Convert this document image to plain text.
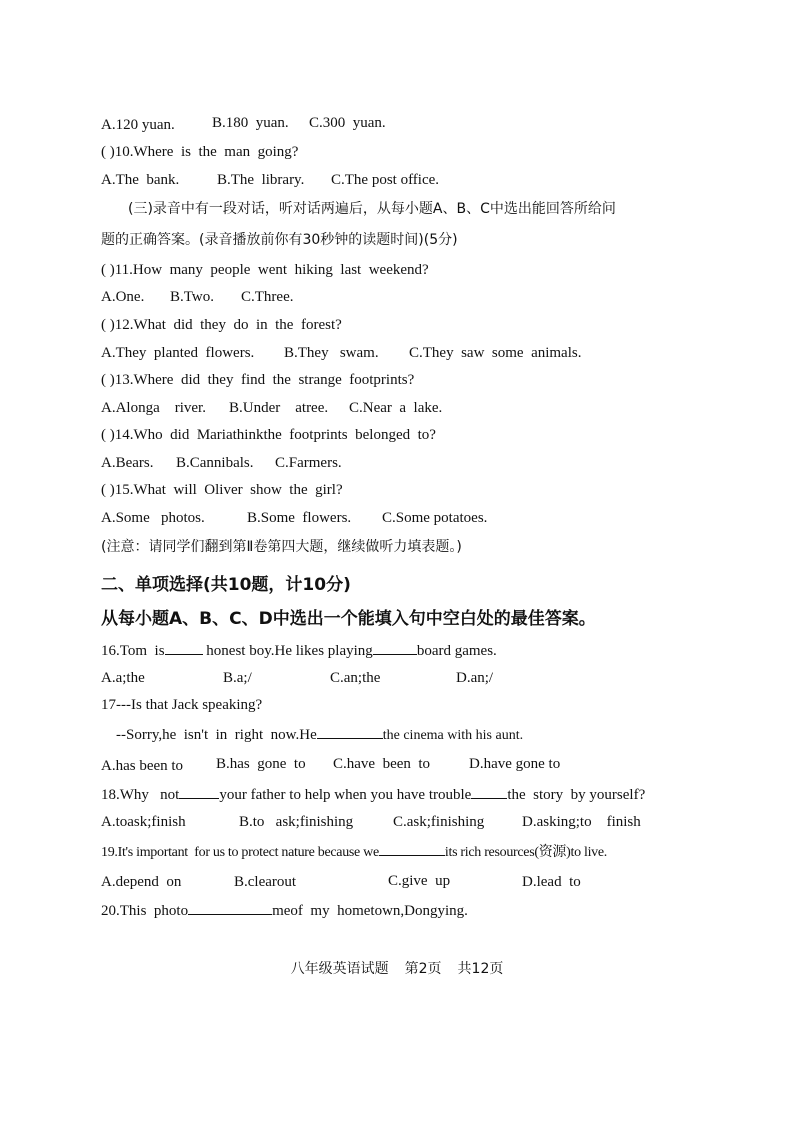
A.120 yuan. B.180  yuan. C.300  yuan.
( )10.Where  is  the  man  going?
A.The  bank.	B.The  library. C.The post office.
(三)录音中有一段对话，听对话两遍后，从每小题A、B、C中选出能回答所给问
题的正确答案。(录音播放前你有30秒钟的读题时间)(5分)
( )11.How  many  people  went  hiking  last  weekend?
A.One. B.Two. C.Three.
( )12.What  did  they  do  in  the  forest?
A.They  planted  flowers. B.They   swam. C.They  saw  some  animals.
( )13.Where  did  they  find  the  strange  footprints?
A.Alonga    river. B.Under    atree. C.Near  a  lake.
( )14.Who  did  Mariathinkthe  footprints  belonged  to?
A.Bears. B.Cannibals. C.Farmers.
( )15.What  will  Oliver  show  the  girl?
A.Some   photos.	B.Some  flowers. C.Some potatoes.
(注意：请同学们翻到第Ⅱ卷第四大题，继续做听力填表题。)
二、单项选择(共10题，计10分)
从每小题A、B、C、D中选出一个能填入句中空白处的最佳答案。
16.Tom  is	honest boy.He likes playing	board games.
A.a;the	B.a;/	C.an;the	D.an;/
17---Is that Jack speaking?
--Sorry,he  isn't  in  right  now.He	the cinema with his aunt.
A.has been to B.has  gone  to C.have  been  to	D.have gone to
18.Why   not	your father to help when you have trouble the  story  by yourself?
A.toask;finish	B.to   ask;finishing	C.ask;finishing	D.asking;to    finish
19.It's important  for us to protect nature because we	its rich resources(资源)to live.
A.depend  on	B.clearout	C.give  up	D.lead  to
20.This  photo	meof  my  hometown,Dongying.
八年级英语试题 第2页 共12页
